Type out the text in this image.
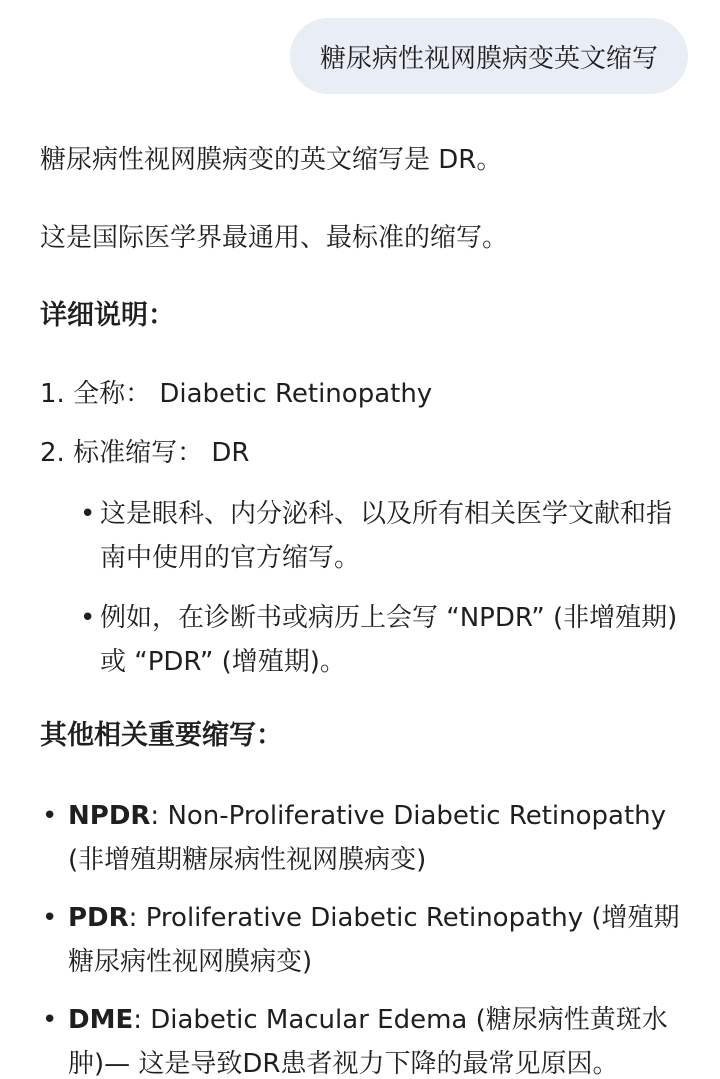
糖尿病性视网膜病变英文缩写

糖尿病性视网膜病变的英文缩写是 DR。

这是国际医学界最通用、最标准的缩写。

详细说明：
1. 全称： Diabetic Retinopathy
2. 标准缩写： DR
• 这是眼科、内分泌科、以及所有相关医学文献和指南中使用的官方缩写。
• 例如，在诊断书或病历上会写 “NPDR” (非增殖期) 或 “PDR” (增殖期)。
其他相关重要缩写：
• NPDR: Non-Proliferative Diabetic Retinopathy (非增殖期糖尿病性视网膜病变)
• PDR: Proliferative Diabetic Retinopathy (增殖期糖尿病性视网膜病变)
• DME: Diabetic Macular Edema (糖尿病性黄斑水肿)— 这是导致DR患者视力下降的最常见原因。
